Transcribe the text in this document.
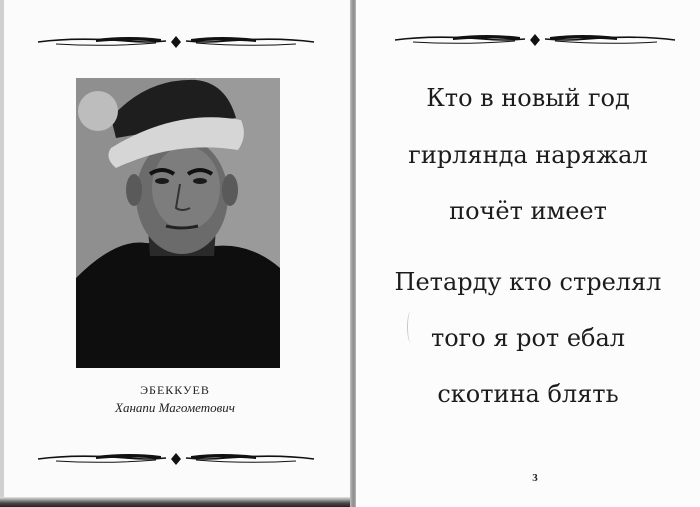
ЭБЕККУЕВ
Ханапи Магометович
Кто в новый год
гирлянда наряжал
почёт имеет
Петарду кто стрелял
того я рот ебал
скотина блять
3
